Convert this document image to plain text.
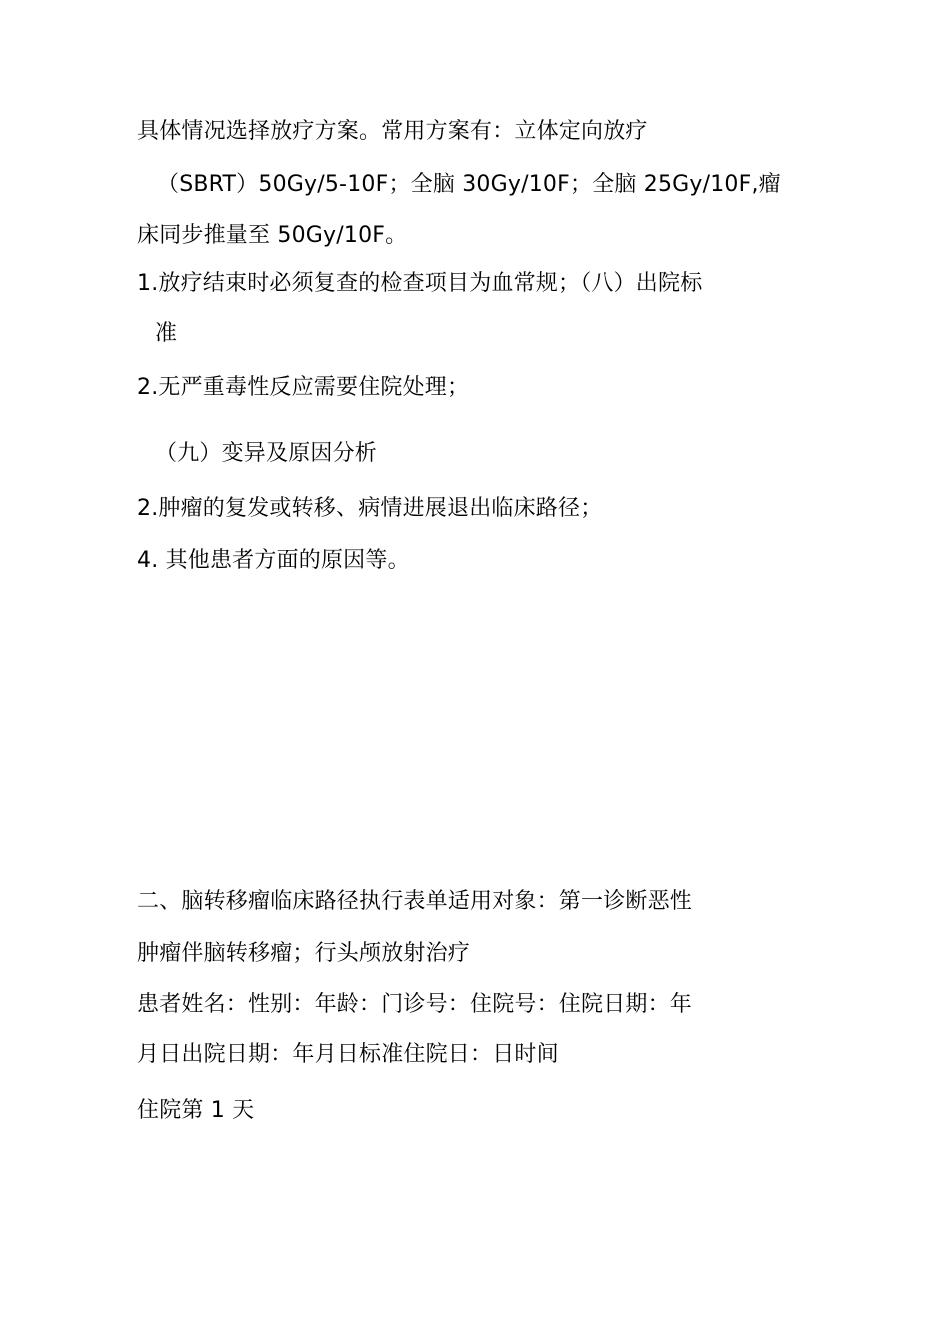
具体情况选择放疗方案。常用方案有：立体定向放疗
（SBRT）50Gy/5-10F；全脑 30Gy/10F；全脑 25Gy/10F,瘤
床同步推量至 50Gy/10F。
1.放疗结束时必须复查的检查项目为血常规；（八）出院标
准
2.无严重毒性反应需要住院处理；
（九）变异及原因分析
2.肿瘤的复发或转移、病情进展退出临床路径；
4. 其他患者方面的原因等。
二、脑转移瘤临床路径执行表单适用对象：第一诊断恶性
肿瘤伴脑转移瘤；行头颅放射治疗
患者姓名：性别：年龄：门诊号：住院号：住院日期：年
月日出院日期：年月日标准住院日：日时间
住院第 1 天
